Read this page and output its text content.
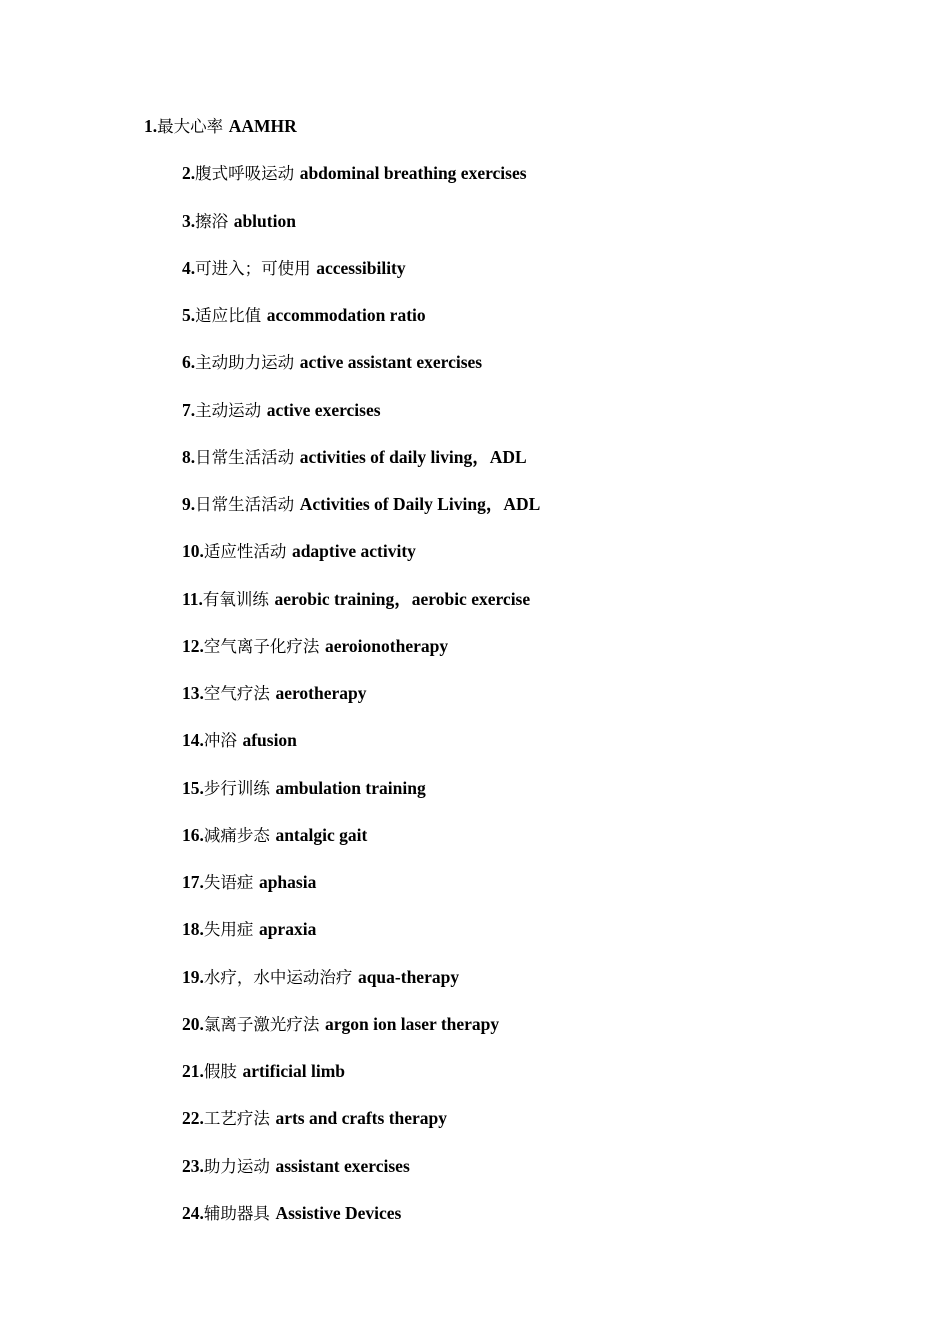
1.最大心率 AAMHR
2.腹式呼吸运动 abdominal breathing exercises
3.擦浴 ablution
4.可进入；可使用 accessibility
5.适应比值 accommodation ratio
6.主动助力运动 active assistant exercises
7.主动运动 active exercises
8.日常生活活动 activities of daily living，ADL
9.日常生活活动 Activities of Daily Living，ADL
10.适应性活动 adaptive activity
11.有氧训练 aerobic training，aerobic exercise
12.空气离子化疗法 aeroionotherapy
13.空气疗法 aerotherapy
14.冲浴 afusion
15.步行训练 ambulation training
16.减痛步态 antalgic gait
17.失语症 aphasia
18.失用症 apraxia
19.水疗，水中运动治疗 aqua-therapy
20.氯离子激光疗法 argon ion laser therapy
21.假肢 artificial limb
22.工艺疗法 arts and crafts therapy
23.助力运动 assistant exercises
24.辅助器具 Assistive Devices
